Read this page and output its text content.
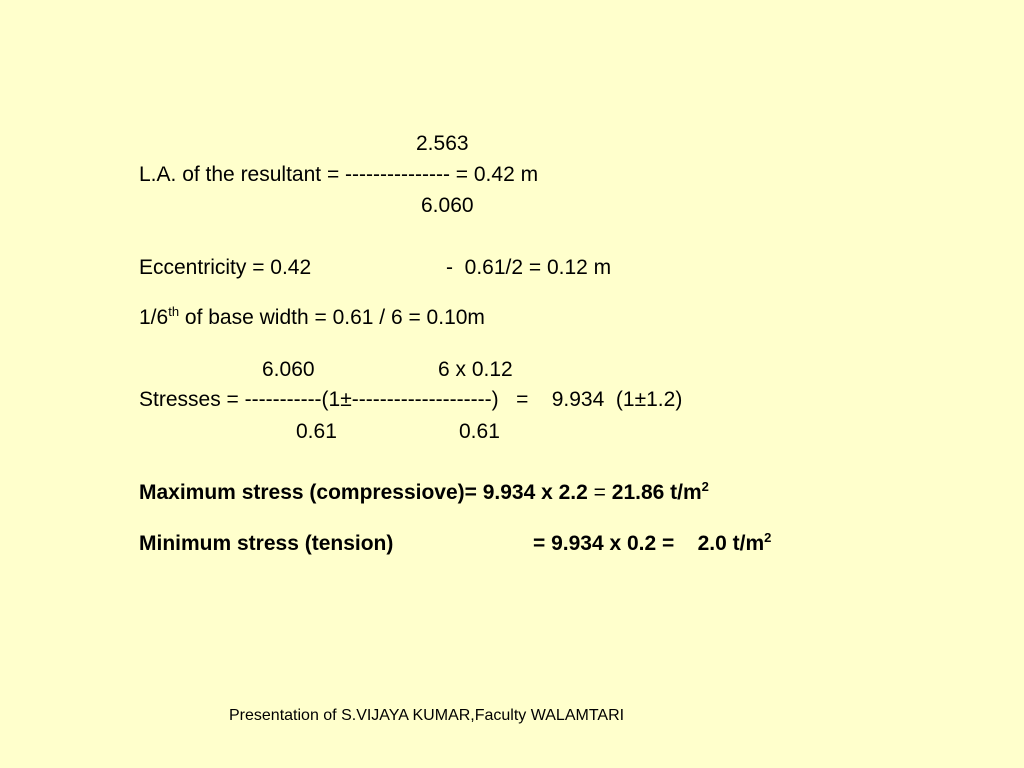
2.563
L.A. of the resultant = --------------- = 0.42 m
6.060
Eccentricity = 0.42	-  0.61/2 = 0.12 m
1/6th of base width = 0.61 / 6 = 0.10m
6.060	6 x 0.12
Stresses = -----------(1±--------------------)   =    9.934  (1±1.2)
0.61	0.61
Maximum stress (compressiove)= 9.934 x 2.2 = 21.86 $t/m^2$
Minimum stress (tension)	= 9.934 x 0.2 =    2.0 $t/m^2$
Presentation of S.VIJAYA KUMAR,Faculty WALAMTARI
